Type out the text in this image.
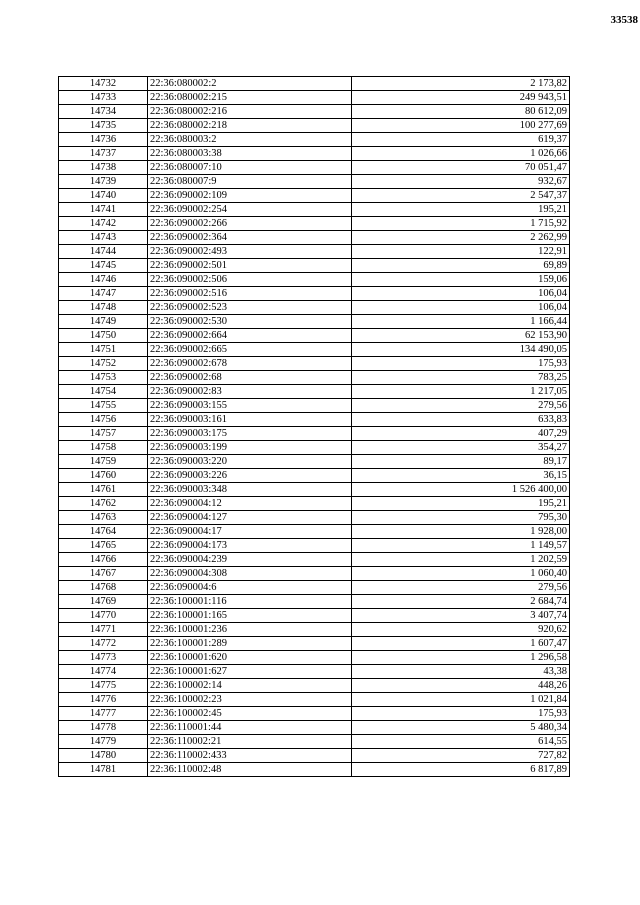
33538
14732	22:36:080002:2	2 173,82
14733	22:36:080002:215	249 943,51
14734	22:36:080002:216	80 612,09
14735	22:36:080002:218	100 277,69
14736	22:36:080003:2	619,37
14737	22:36:080003:38	1 026,66
14738	22:36:080007:10	70 051,47
14739	22:36:080007:9	932,67
14740	22:36:090002:109	2 547,37
14741	22:36:090002:254	195,21
14742	22:36:090002:266	1 715,92
14743	22:36:090002:364	2 262,99
14744	22:36:090002:493	122,91
14745	22:36:090002:501	69,89
14746	22:36:090002:506	159,06
14747	22:36:090002:516	106,04
14748	22:36:090002:523	106,04
14749	22:36:090002:530	1 166,44
14750	22:36:090002:664	62 153,90
14751	22:36:090002:665	134 490,05
14752	22:36:090002:678	175,93
14753	22:36:090002:68	783,25
14754	22:36:090002:83	1 217,05
14755	22:36:090003:155	279,56
14756	22:36:090003:161	633,83
14757	22:36:090003:175	407,29
14758	22:36:090003:199	354,27
14759	22:36:090003:220	89,17
14760	22:36:090003:226	36,15
14761	22:36:090003:348	1 526 400,00
14762	22:36:090004:12	195,21
14763	22:36:090004:127	795,30
14764	22:36:090004:17	1 928,00
14765	22:36:090004:173	1 149,57
14766	22:36:090004:239	1 202,59
14767	22:36:090004:308	1 060,40
14768	22:36:090004:6	279,56
14769	22:36:100001:116	2 684,74
14770	22:36:100001:165	3 407,74
14771	22:36:100001:236	920,62
14772	22:36:100001:289	1 607,47
14773	22:36:100001:620	1 296,58
14774	22:36:100001:627	43,38
14775	22:36:100002:14	448,26
14776	22:36:100002:23	1 021,84
14777	22:36:100002:45	175,93
14778	22:36:110001:44	5 480,34
14779	22:36:110002:21	614,55
14780	22:36:110002:433	727,82
14781	22:36:110002:48	6 817,89
